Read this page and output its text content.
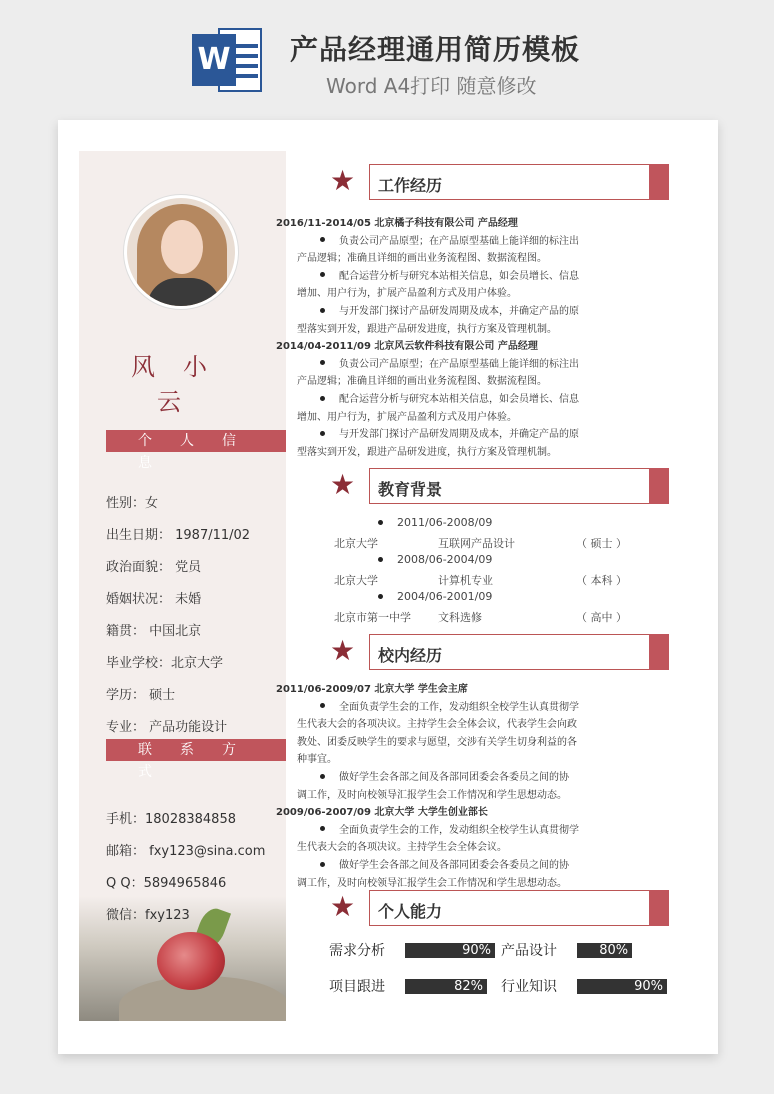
W 产品经理通用简历模板
Word A4打印 随意修改
风小云
个人信息
联系方式
性别：女
出生日期： 1987/11/02
政治面貌： 党员
婚姻状况： 未婚
籍贯： 中国北京
毕业学校：北京大学
学历： 硕士
专业： 产品功能设计
手机：18028384858
邮箱： fxy123@sina.com
Q Q：5894965846
微信：fxy123
★ 工作经历
★ 教育背景
★ 校内经历
★ 个人能力
2016/11-2014/05 北京橘子科技有限公司 产品经理
负责公司产品原型；在产品原型基础上能详细的标注出
产品逻辑；准确且详细的画出业务流程图、数据流程图。
配合运营分析与研究本站相关信息，如会员增长、信息
增加、用户行为，扩展产品盈利方式及用户体验。
与开发部门探讨产品研发周期及成本，并确定产品的原
型落实到开发，跟进产品研发进度，执行方案及管理机制。
2014/04-2011/09 北京风云软件科技有限公司 产品经理
负责公司产品原型；在产品原型基础上能详细的标注出
产品逻辑；准确且详细的画出业务流程图、数据流程图。
配合运营分析与研究本站相关信息，如会员增长、信息
增加、用户行为，扩展产品盈利方式及用户体验。
与开发部门探讨产品研发周期及成本，并确定产品的原
型落实到开发，跟进产品研发进度，执行方案及管理机制。
2011/06-2009/07 北京大学 学生会主席
全面负责学生会的工作，发动组织全校学生认真贯彻学
生代表大会的各项决议。主持学生会全体会议，代表学生会向政
教处、团委反映学生的要求与愿望，交涉有关学生切身利益的各
种事宜。
做好学生会各部之间及各部同团委会各委员之间的协
调工作，及时向校领导汇报学生会工作情况和学生思想动态。
2009/06-2007/09 北京大学 大学生创业部长
全面负责学生会的工作，发动组织全校学生认真贯彻学
生代表大会的各项决议。主持学生会全体会议。
做好学生会各部之间及各部同团委会各委员之间的协
调工作，及时向校领导汇报学生会工作情况和学生思想动态。
2011/06-2008/09
北京大学	互联网产品设计	（ 硕士 ）
2008/06-2004/09
北京大学	计算机专业	（ 本科 ）
2004/06-2001/09
北京市第一中学 文科选修	（ 高中 ）
需求分析	90% 产品设计	80%
项目跟进	82% 行业知识	90%
